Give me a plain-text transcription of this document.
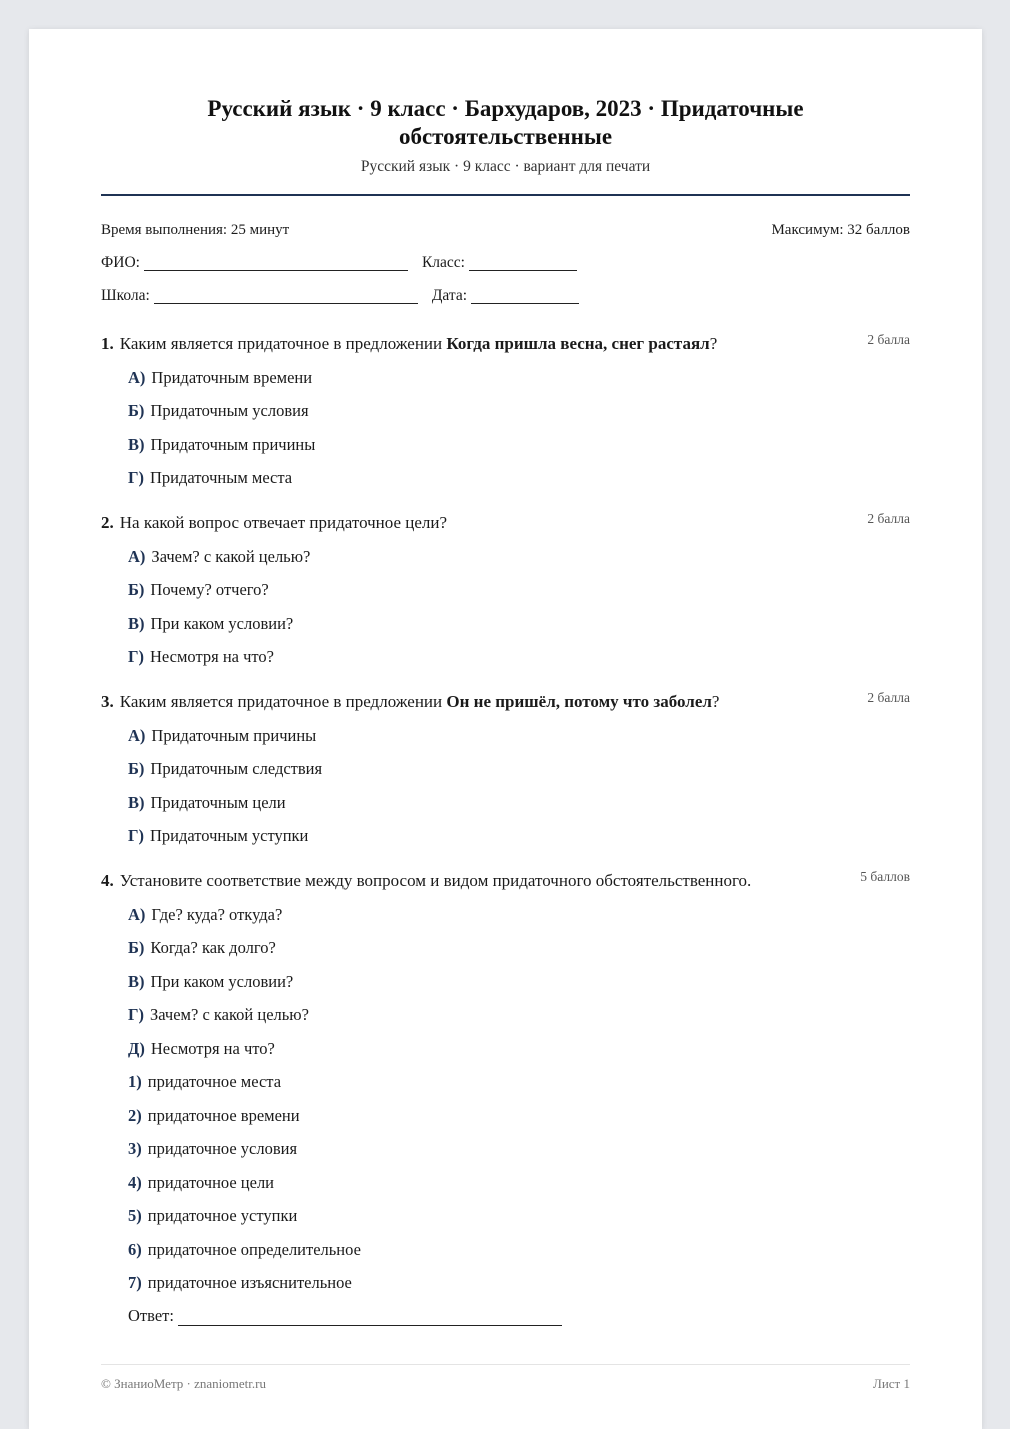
Русский язык · 9 класс · Бархударов, 2023 · Придаточные обстоятельственные
Русский язык · 9 класс · вариант для печати
Время выполнения: 25 минут	Максимум: 32 баллов
ФИО:	Класс:
Школа:	Дата:
1. Каким является придаточное в предложении Когда пришла весна, снег растаял?	2 балла
А) Придаточным времени
Б) Придаточным условия
В) Придаточным причины
Г) Придаточным места
2. На какой вопрос отвечает придаточное цели?	2 балла
А) Зачем? с какой целью?
Б) Почему? отчего?
В) При каком условии?
Г) Несмотря на что?
3. Каким является придаточное в предложении Он не пришёл, потому что заболел?	2 балла
А) Придаточным причины
Б) Придаточным следствия
В) Придаточным цели
Г) Придаточным уступки
4. Установите соответствие между вопросом и видом придаточного обстоятельственного.	5 баллов
А) Где? куда? откуда?
Б) Когда? как долго?
В) При каком условии?
Г) Зачем? с какой целью?
Д) Несмотря на что?
1) придаточное места
2) придаточное времени
3) придаточное условия
4) придаточное цели
5) придаточное уступки
6) придаточное определительное
7) придаточное изъяснительное
Ответ:
© ЗнаниоМетр · znaniometr.ru	Лист 1
